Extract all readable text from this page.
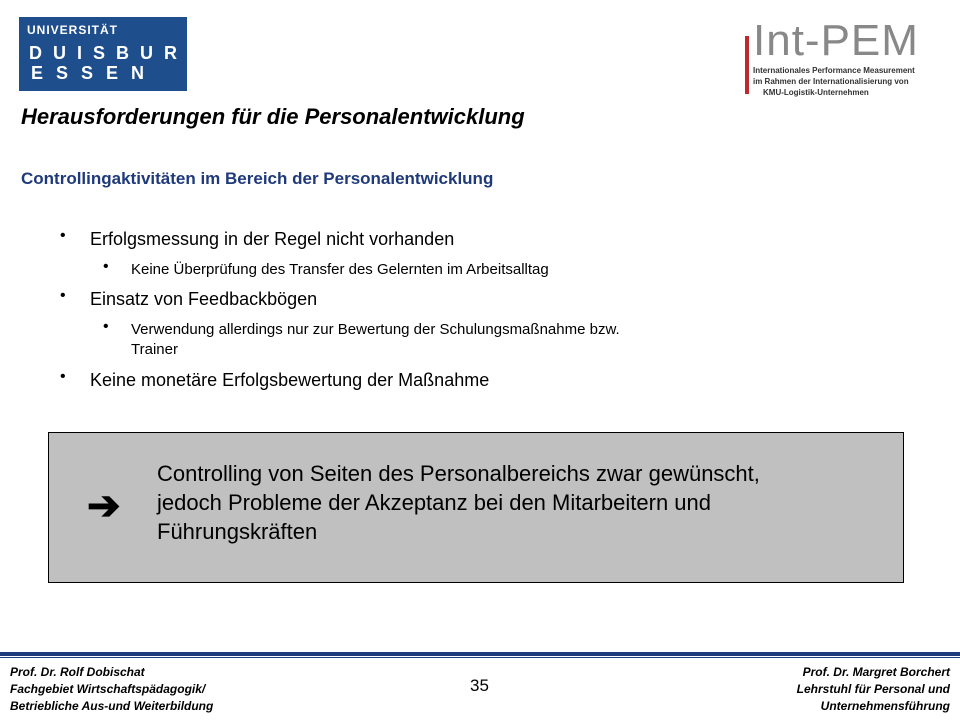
UNIVERSITÄT
DUISBURG
ESSEN
Int-PEM
Internationales Performance Measurement
im Rahmen der Internationalisierung von
KMU-Logistik-Unternehmen
Herausforderungen für die Personalentwicklung
Controllingaktivitäten im Bereich der Personalentwicklung
• Erfolgsmessung in der Regel nicht vorhanden
• Keine Überprüfung des Transfer des Gelernten im Arbeitsalltag
• Einsatz von Feedbackbögen
• Verwendung allerdings nur zur Bewertung der Schulungsmaßnahme bzw.
Trainer
• Keine monetäre Erfolgsbewertung der Maßnahme
➔
Controlling von Seiten des Personalbereichs zwar gewünscht,
jedoch Probleme der Akzeptanz bei den Mitarbeitern und
Führungskräften
Prof. Dr. Rolf Dobischat
Fachgebiet Wirtschaftspädagogik/
Betriebliche Aus-und Weiterbildung
35
Prof. Dr. Margret Borchert
Lehrstuhl für Personal und
Unternehmensführung
